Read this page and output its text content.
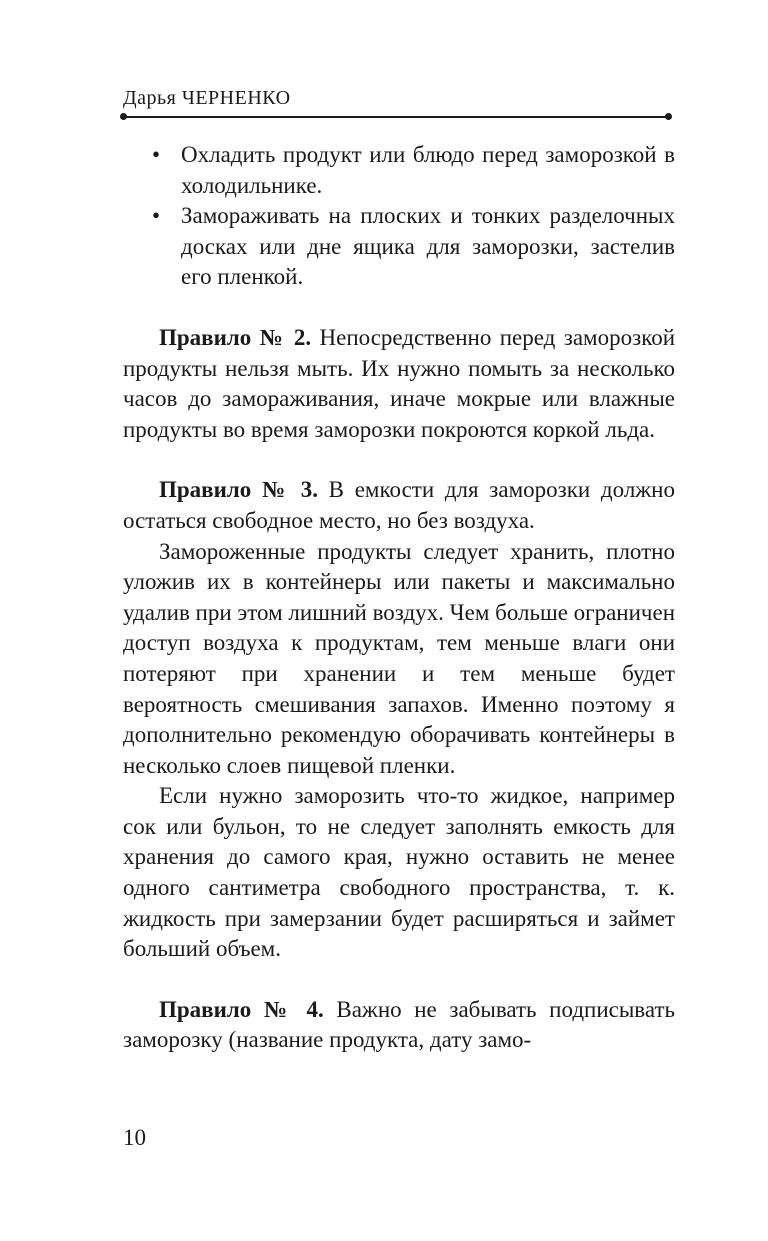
Дарья ЧЕРНЕНКО
• Охладить продукт или блюдо перед заморозкой в холодильнике.
• Замораживать на плоских и тонких разделочных досках или дне ящика для заморозки, застелив его пленкой.

Правило № 2. Непосредственно перед заморозкой продукты нельзя мыть. Их нужно помыть за несколько часов до замораживания, иначе мокрые или влажные продукты во время заморозки покроются коркой льда.

Правило № 3. В емкости для заморозки должно остаться свободное место, но без воздуха.

Замороженные продукты следует хранить, плотно уложив их в контейнеры или пакеты и максимально удалив при этом лишний воздух. Чем больше ограничен доступ воздуха к продуктам, тем меньше влаги они потеряют при хранении и тем меньше будет вероятность смешивания запахов. Именно поэтому я дополнительно рекомендую оборачивать контейнеры в несколько слоев пищевой пленки.

Если нужно заморозить что-то жидкое, например сок или бульон, то не следует заполнять емкость для хранения до самого края, нужно оставить не менее одного сантиметра свободного пространства, т. к. жидкость при замерзании будет расширяться и займет больший объем.

Правило № 4. Важно не забывать подписывать заморозку (название продукта, дату замо-

10
